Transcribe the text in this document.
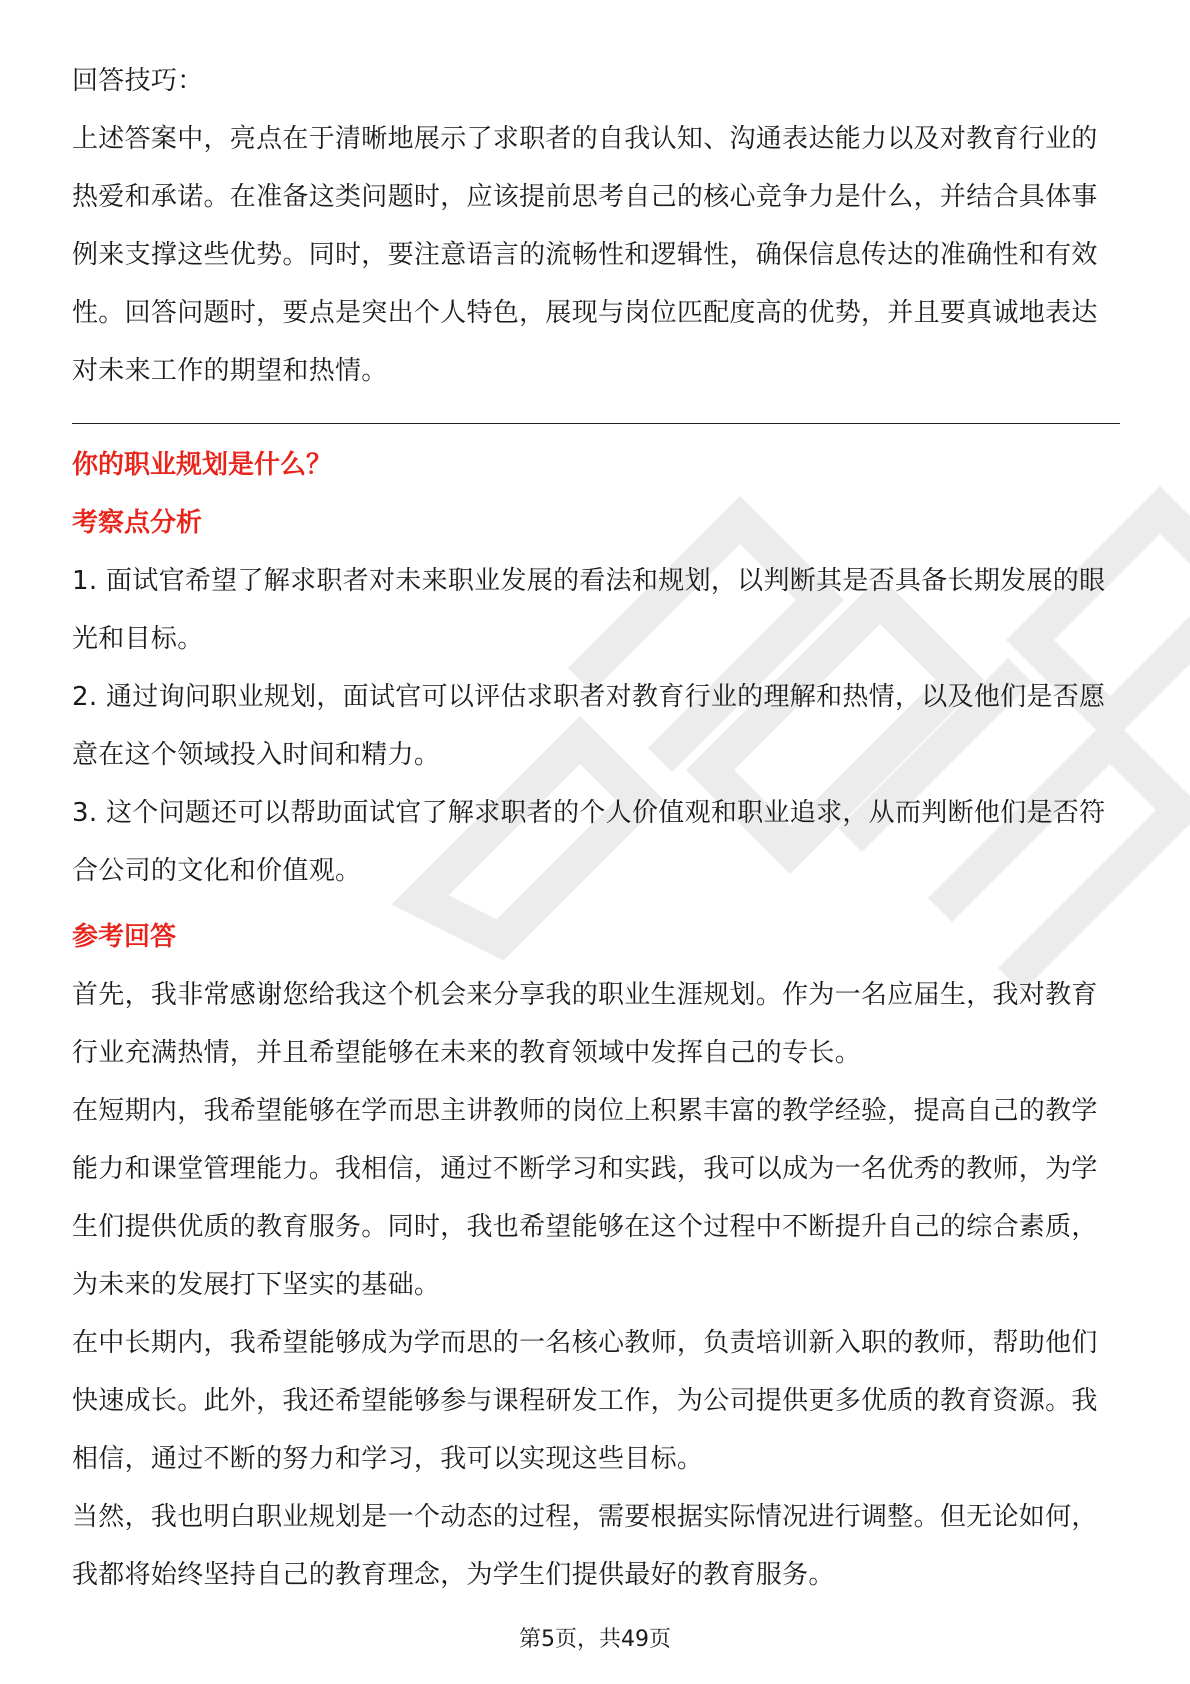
回答技巧：

上述答案中，亮点在于清晰地展示了求职者的自我认知、沟通表达能力以及对教育行业的热爱和承诺。在准备这类问题时，应该提前思考自己的核心竞争力是什么，并结合具体事例来支撑这些优势。同时，要注意语言的流畅性和逻辑性，确保信息传达的准确性和有效性。回答问题时，要点是突出个人特色，展现与岗位匹配度高的优势，并且要真诚地表达对未来工作的期望和热情。

你的职业规划是什么？

考察点分析

1. 面试官希望了解求职者对未来职业发展的看法和规划，以判断其是否具备长期发展的眼光和目标。

2. 通过询问职业规划，面试官可以评估求职者对教育行业的理解和热情，以及他们是否愿意在这个领域投入时间和精力。

3. 这个问题还可以帮助面试官了解求职者的个人价值观和职业追求，从而判断他们是否符合公司的文化和价值观。

参考回答

首先，我非常感谢您给我这个机会来分享我的职业生涯规划。作为一名应届生，我对教育行业充满热情，并且希望能够在未来的教育领域中发挥自己的专长。

在短期内，我希望能够在学而思主讲教师的岗位上积累丰富的教学经验，提高自己的教学能力和课堂管理能力。我相信，通过不断学习和实践，我可以成为一名优秀的教师，为学生们提供优质的教育服务。同时，我也希望能够在这个过程中不断提升自己的综合素质，为未来的发展打下坚实的基础。

在中长期内，我希望能够成为学而思的一名核心教师，负责培训新入职的教师，帮助他们快速成长。此外，我还希望能够参与课程研发工作，为公司提供更多优质的教育资源。我相信，通过不断的努力和学习，我可以实现这些目标。

当然，我也明白职业规划是一个动态的过程，需要根据实际情况进行调整。但无论如何，我都将始终坚持自己的教育理念，为学生们提供最好的教育服务。

第5页，共49页
